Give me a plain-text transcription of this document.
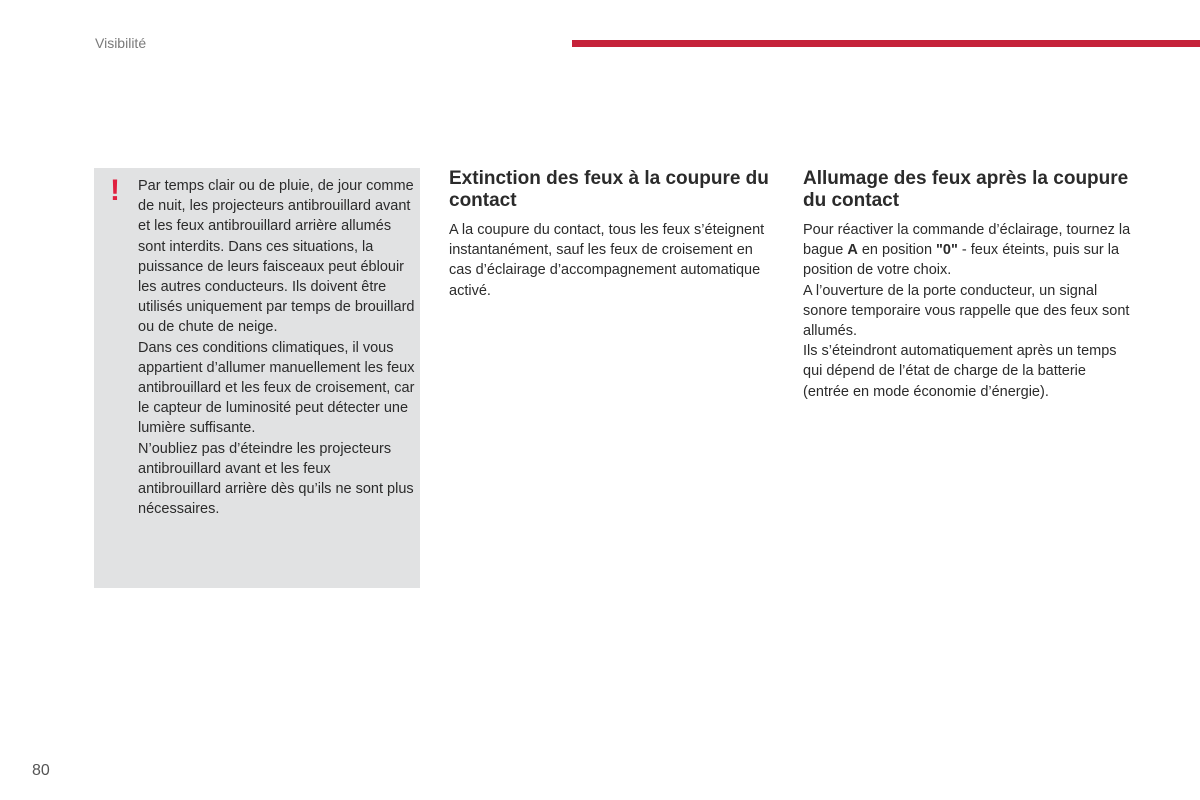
Visibilité
! Par temps clair ou de pluie, de jour comme de nuit, les projecteurs antibrouillard avant et les feux antibrouillard arrière allumés sont interdits. Dans ces situations, la puissance de leurs faisceaux peut éblouir les autres conducteurs. Ils doivent être utilisés uniquement par temps de brouillard ou de chute de neige.

Dans ces conditions climatiques, il vous appartient d’allumer manuellement les feux antibrouillard et les feux de croisement, car le capteur de luminosité peut détecter une lumière suffisante.

N’oubliez pas d’éteindre les projecteurs antibrouillard avant et les feux antibrouillard arrière dès qu’ils ne sont plus nécessaires.

Extinction des feux à la coupure du contact

A la coupure du contact, tous les feux s’éteignent instantanément, sauf les feux de croisement en cas d’éclairage d’accompagnement automatique activé.

Allumage des feux après la coupure du contact

Pour réactiver la commande d’éclairage, tournez la bague A en position "0" - feux éteints, puis sur la position de votre choix.

A l’ouverture de la porte conducteur, un signal sonore temporaire vous rappelle que des feux sont allumés.

Ils s’éteindront automatiquement après un temps qui dépend de l’état de charge de la batterie (entrée en mode économie d’énergie).

80
